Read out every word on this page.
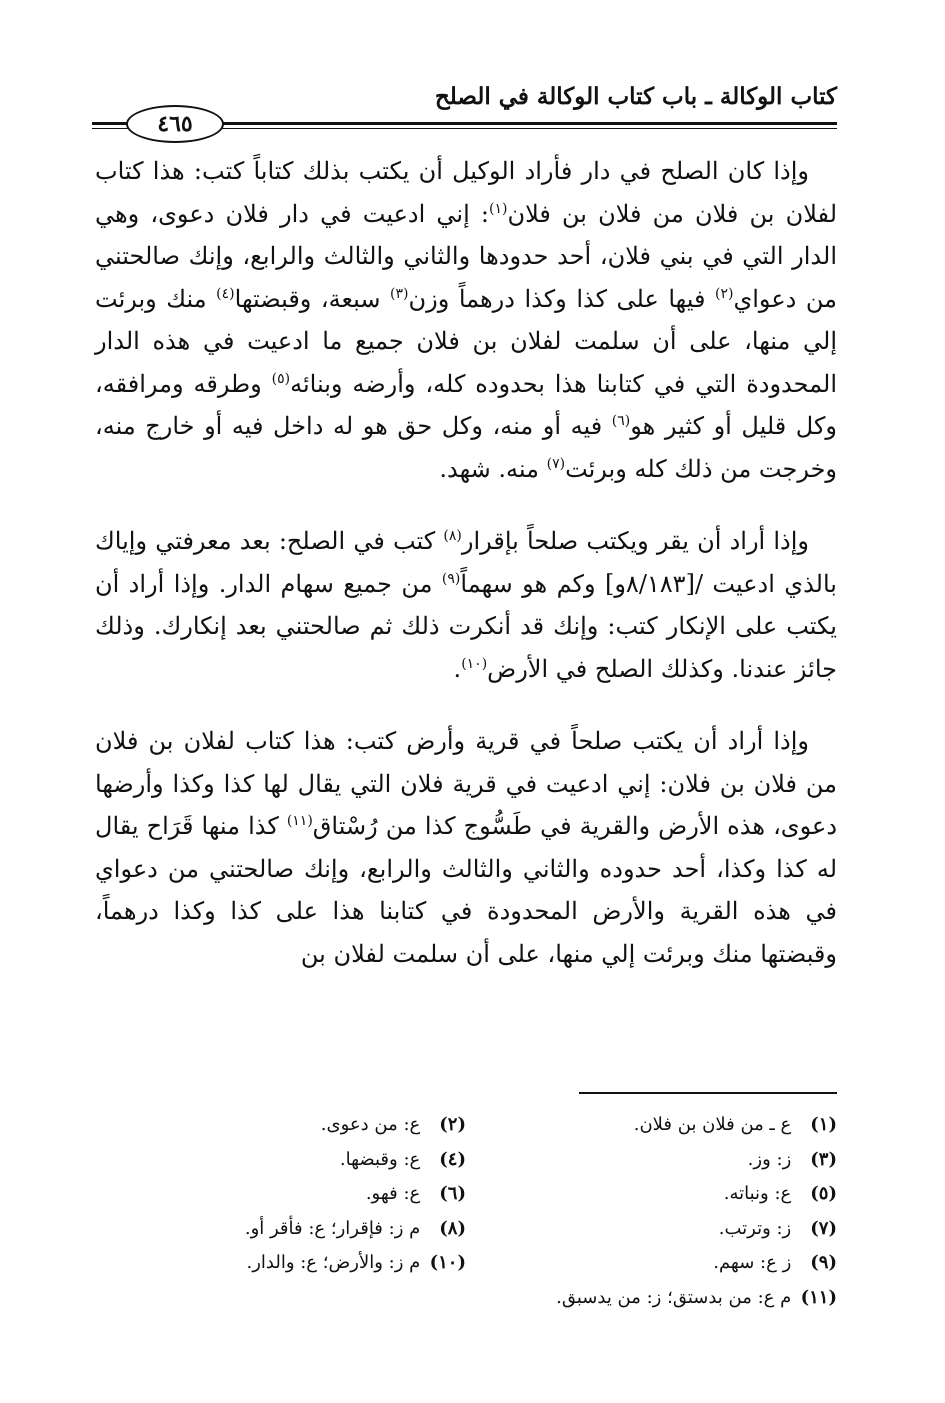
كتاب الوكالة ـ باب كتاب الوكالة في الصلح
٤٦٥

وإذا كان الصلح في دار فأراد الوكيل أن يكتب بذلك كتاباً كتب: هذا كتاب لفلان بن فلان من فلان بن فلان$^{(١)}$: إني ادعيت في دار فلان دعوى، وهي الدار التي في بني فلان، أحد حدودها والثاني والثالث والرابع، وإنك صالحتني من دعواي$^{(٢)}$ فيها على كذا وكذا درهماً وزن$^{(٣)}$ سبعة، وقبضتها$^{(٤)}$ منك وبرئت إلي منها، على أن سلمت لفلان بن فلان جميع ما ادعيت في هذه الدار المحدودة التي في كتابنا هذا بحدوده كله، وأرضه وبنائه$^{(٥)}$ وطرقه ومرافقه، وكل قليل أو كثير هو$^{(٦)}$ فيه أو منه، وكل حق هو له داخل فيه أو خارج منه، وخرجت من ذلك كله وبرئت$^{(٧)}$ منه. شهد.

وإذا أراد أن يقر ويكتب صلحاً بإقرار$^{(٨)}$ كتب في الصلح: بعد معرفتي وإياك بالذي ادعيت /[٨/١٨٣و] وكم هو سهماً$^{(٩)}$ من جميع سهام الدار. وإذا أراد أن يكتب على الإنكار كتب: وإنك قد أنكرت ذلك ثم صالحتني بعد إنكارك. وذلك جائز عندنا. وكذلك الصلح في الأرض$^{(١٠)}$.

وإذا أراد أن يكتب صلحاً في قرية وأرض كتب: هذا كتاب لفلان بن فلان من فلان بن فلان: إني ادعيت في قرية فلان التي يقال لها كذا وكذا وأرضها دعوى، هذه الأرض والقرية في طَسُّوج كذا من رُسْتاق$^{(١١)}$ كذا منها قَرَاح يقال له كذا وكذا، أحد حدوده والثاني والثالث والرابع، وإنك صالحتني من دعواي في هذه القرية والأرض المحدودة في كتابنا هذا على كذا وكذا درهماً، وقبضتها منك وبرئت إلي منها، على أن سلمت لفلان بن

(١) ع ـ من فلان بن فلان.
(٢) ع: من دعوى.
(٣) ز: وز.
(٤) ع: وقبضها.
(٥) ع: ونباته.
(٦) ع: فهو.
(٧) ز: وترتب.
(٨) م ز: فإقرار؛ ع: فأقر أو.
(٩) ز ع: سهم.
(١٠) م ز: والأرض؛ ع: والدار.
(١١) م ع: من بدستق؛ ز: من يدسبق.
